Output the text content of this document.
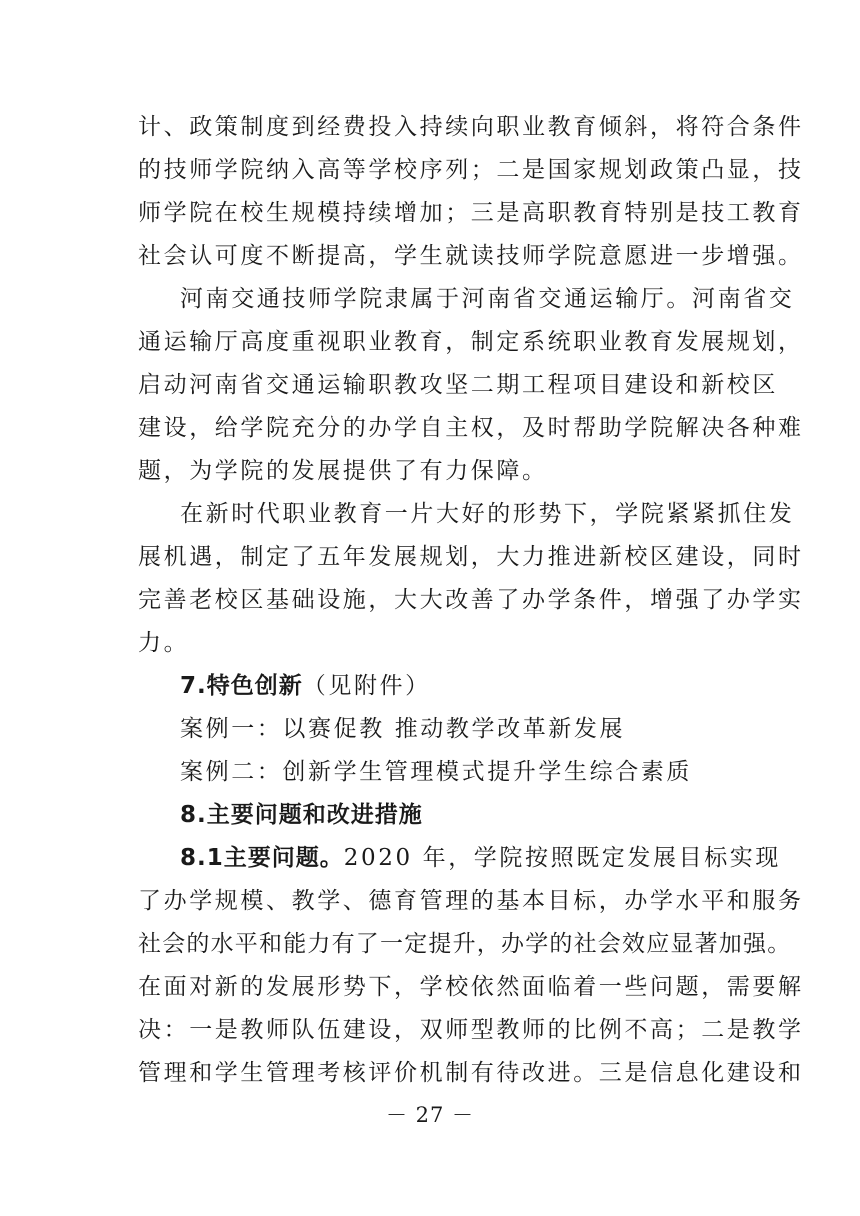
计、政策制度到经费投入持续向职业教育倾斜，将符合条件
的技师学院纳入高等学校序列；二是国家规划政策凸显，技
师学院在校生规模持续增加；三是高职教育特别是技工教育
社会认可度不断提高，学生就读技师学院意愿进一步增强。
河南交通技师学院隶属于河南省交通运输厅。河南省交
通运输厅高度重视职业教育，制定系统职业教育发展规划，
启动河南省交通运输职教攻坚二期工程项目建设和新校区
建设，给学院充分的办学自主权，及时帮助学院解决各种难
题，为学院的发展提供了有力保障。
在新时代职业教育一片大好的形势下，学院紧紧抓住发
展机遇，制定了五年发展规划，大力推进新校区建设，同时
完善老校区基础设施，大大改善了办学条件，增强了办学实
力。
7.特色创新（见附件）
案例一：以赛促教 推动教学改革新发展
案例二：创新学生管理模式提升学生综合素质
8.主要问题和改进措施
8.1主要问题。2020 年，学院按照既定发展目标实现
了办学规模、教学、德育管理的基本目标，办学水平和服务
社会的水平和能力有了一定提升，办学的社会效应显著加强。
在面对新的发展形势下，学校依然面临着一些问题，需要解
决：一是教师队伍建设，双师型教师的比例不高；二是教学
管理和学生管理考核评价机制有待改进。三是信息化建设和
－ 27 －
